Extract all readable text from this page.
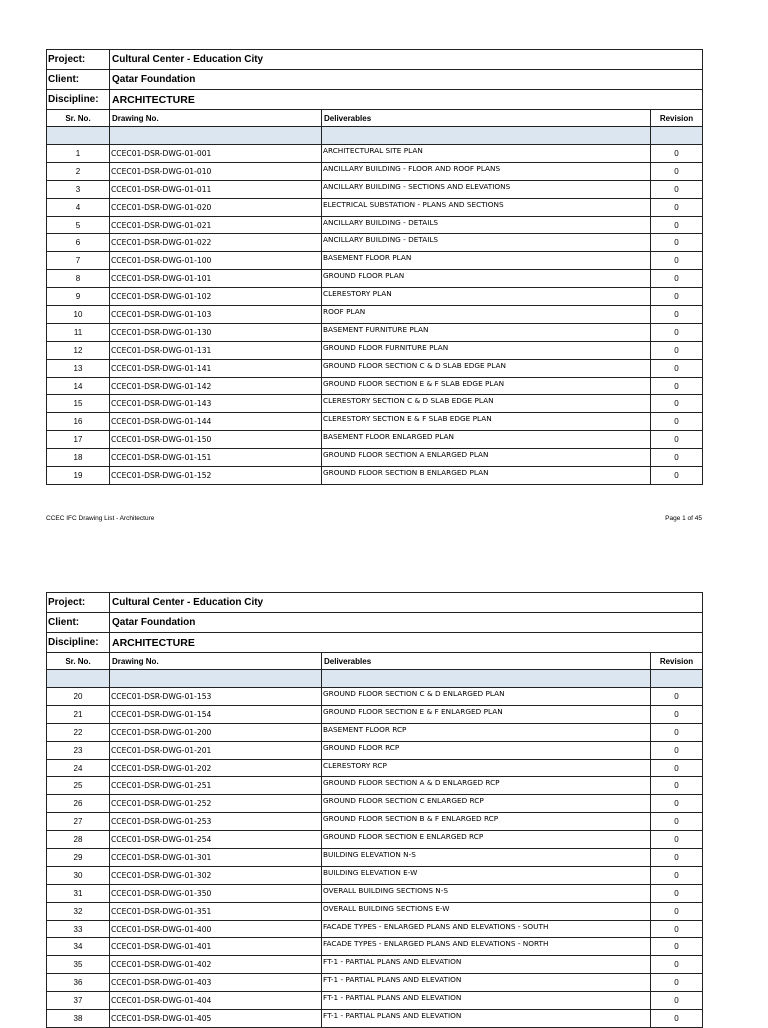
Project:	Cultural Center - Education City		
Client:	Qatar Foundation		
Discipline:	ARCHITECTURE		
Sr. No.	Drawing No.	Deliverables	Revision

1	CCEC01-DSR-DWG-01-001	ARCHITECTURAL SITE PLAN	0
2	CCEC01-DSR-DWG-01-010	ANCILLARY BUILDING - FLOOR AND ROOF PLANS	0
3	CCEC01-DSR-DWG-01-011	ANCILLARY BUILDING - SECTIONS AND ELEVATIONS	0
4	CCEC01-DSR-DWG-01-020	ELECTRICAL SUBSTATION - PLANS AND SECTIONS	0
5	CCEC01-DSR-DWG-01-021	ANCILLARY BUILDING - DETAILS	0
6	CCEC01-DSR-DWG-01-022	ANCILLARY BUILDING - DETAILS	0
7	CCEC01-DSR-DWG-01-100	BASEMENT FLOOR PLAN	0
8	CCEC01-DSR-DWG-01-101	GROUND FLOOR PLAN	0
9	CCEC01-DSR-DWG-01-102	CLERESTORY PLAN	0
10	CCEC01-DSR-DWG-01-103	ROOF PLAN	0
11	CCEC01-DSR-DWG-01-130	BASEMENT FURNITURE PLAN	0
12	CCEC01-DSR-DWG-01-131	GROUND FLOOR FURNITURE PLAN	0
13	CCEC01-DSR-DWG-01-141	GROUND FLOOR SECTION C & D SLAB EDGE PLAN	0
14	CCEC01-DSR-DWG-01-142	GROUND FLOOR SECTION E & F SLAB EDGE PLAN	0
15	CCEC01-DSR-DWG-01-143	CLERESTORY SECTION C & D SLAB EDGE PLAN	0
16	CCEC01-DSR-DWG-01-144	CLERESTORY SECTION E & F SLAB EDGE PLAN	0
17	CCEC01-DSR-DWG-01-150	BASEMENT FLOOR ENLARGED PLAN	0
18	CCEC01-DSR-DWG-01-151	GROUND FLOOR SECTION A ENLARGED PLAN	0
19	CCEC01-DSR-DWG-01-152	GROUND FLOOR SECTION B ENLARGED PLAN	0
CCEC IFC Drawing List - Architecture	Page 1 of 45
Project:	Cultural Center - Education City		
Client:	Qatar Foundation		
Discipline:	ARCHITECTURE		
Sr. No.	Drawing No.	Deliverables	Revision

20	CCEC01-DSR-DWG-01-153	GROUND FLOOR SECTION C & D ENLARGED PLAN	0
21	CCEC01-DSR-DWG-01-154	GROUND FLOOR SECTION E & F ENLARGED PLAN	0
22	CCEC01-DSR-DWG-01-200	BASEMENT FLOOR RCP	0
23	CCEC01-DSR-DWG-01-201	GROUND FLOOR RCP	0
24	CCEC01-DSR-DWG-01-202	CLERESTORY RCP	0
25	CCEC01-DSR-DWG-01-251	GROUND FLOOR SECTION A & D ENLARGED RCP	0
26	CCEC01-DSR-DWG-01-252	GROUND FLOOR SECTION C ENLARGED RCP	0
27	CCEC01-DSR-DWG-01-253	GROUND FLOOR SECTION B & F ENLARGED RCP	0
28	CCEC01-DSR-DWG-01-254	GROUND FLOOR SECTION E ENLARGED RCP	0
29	CCEC01-DSR-DWG-01-301	BUILDING ELEVATION N-S	0
30	CCEC01-DSR-DWG-01-302	BUILDING ELEVATION E-W	0
31	CCEC01-DSR-DWG-01-350	OVERALL BUILDING SECTIONS N-S	0
32	CCEC01-DSR-DWG-01-351	OVERALL BUILDING SECTIONS E-W	0
33	CCEC01-DSR-DWG-01-400	FACADE TYPES - ENLARGED PLANS AND ELEVATIONS - SOUTH	0
34	CCEC01-DSR-DWG-01-401	FACADE TYPES - ENLARGED PLANS AND ELEVATIONS - NORTH	0
35	CCEC01-DSR-DWG-01-402	FT-1 - PARTIAL PLANS AND ELEVATION	0
36	CCEC01-DSR-DWG-01-403	FT-1 - PARTIAL PLANS AND ELEVATION	0
37	CCEC01-DSR-DWG-01-404	FT-1 - PARTIAL PLANS AND ELEVATION	0
38	CCEC01-DSR-DWG-01-405	FT-1 - PARTIAL PLANS AND ELEVATION	0
